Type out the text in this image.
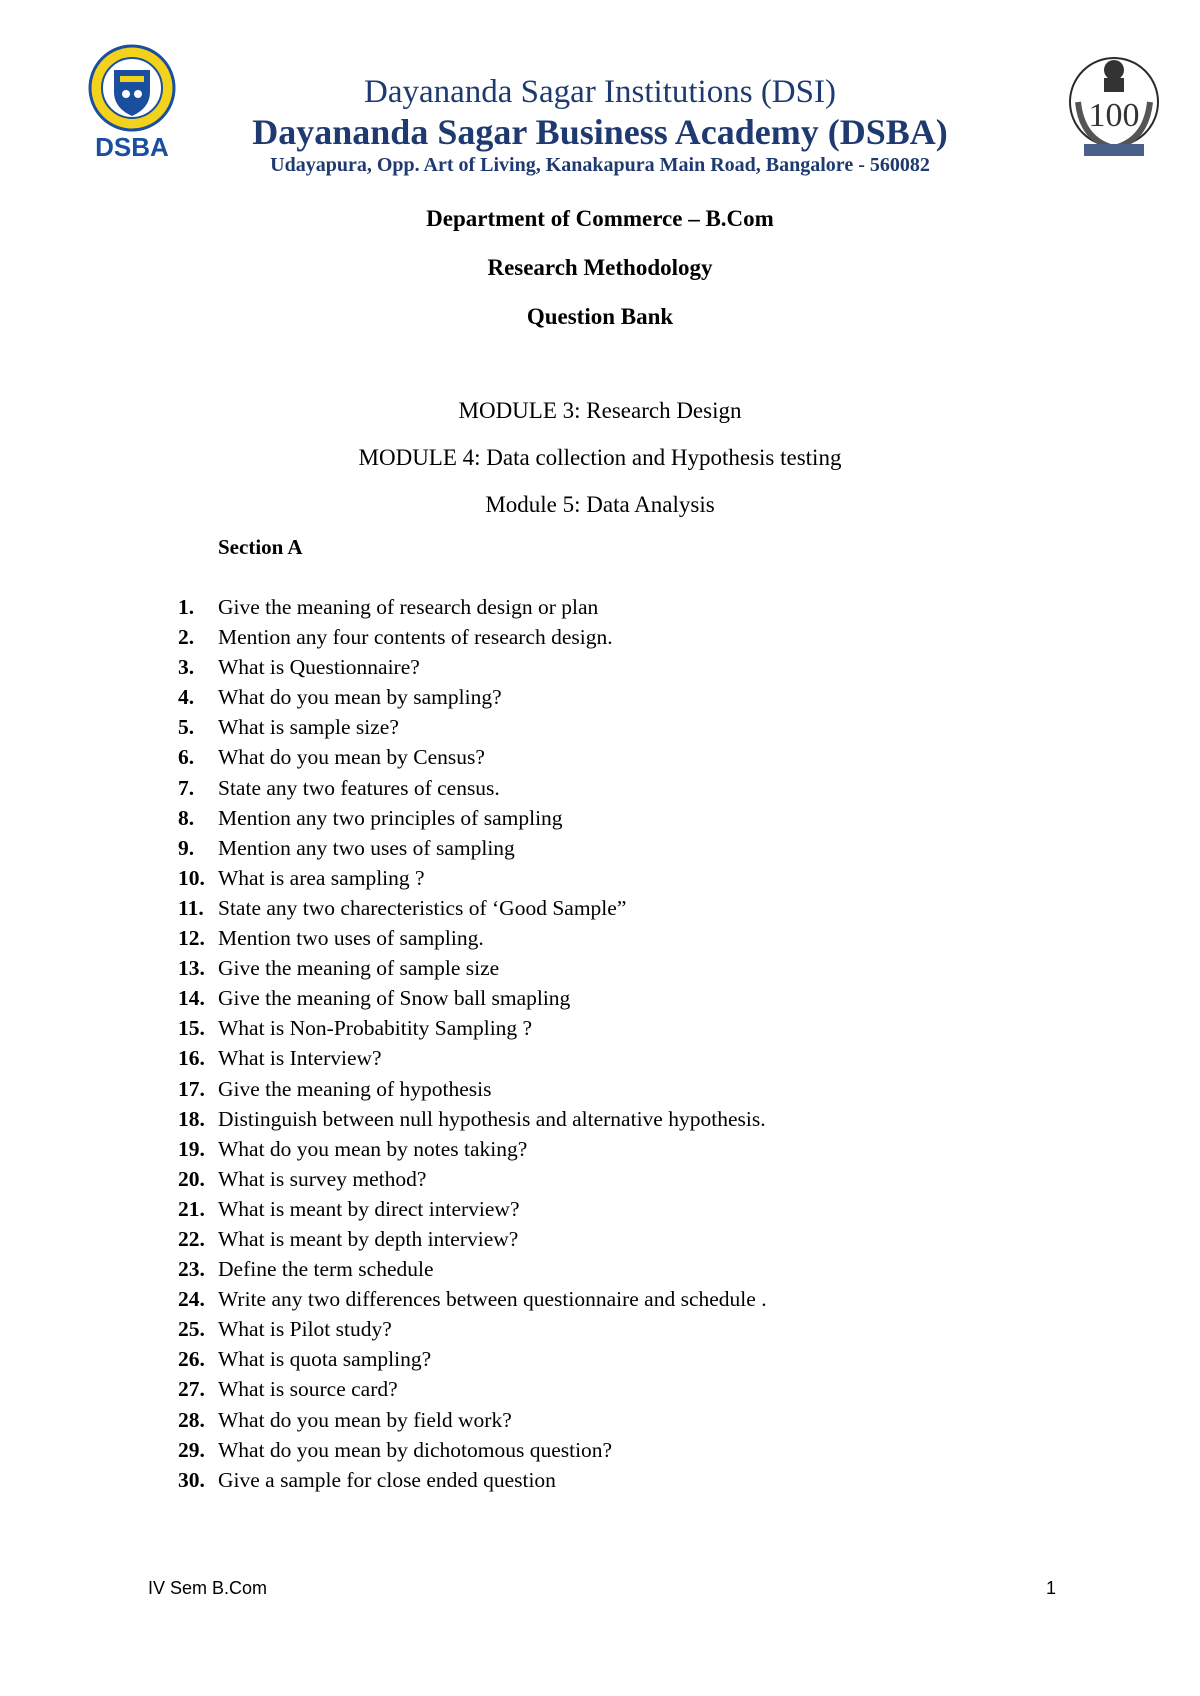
DSBA
100
Dayananda Sagar Institutions (DSI)
Dayananda Sagar Business Academy (DSBA)
Udayapura, Opp. Art of Living, Kanakapura Main Road, Bangalore - 560082
Department of Commerce – B.Com
Research Methodology
Question Bank
MODULE 3: Research Design
MODULE 4: Data collection and Hypothesis testing
Module 5: Data Analysis
Section A
1. Give the meaning of research design or plan
2. Mention any four contents of research design.
3. What is Questionnaire?
4. What do you mean by sampling?
5. What is sample size?
6. What do you mean by Census?
7. State any two features of census.
8. Mention any two principles of sampling
9. Mention any two uses of sampling
10. What is area sampling ?
11. State any two charecteristics of ‘Good Sample”
12. Mention two uses of sampling.
13. Give the meaning of sample size
14. Give the meaning of Snow ball smapling
15. What is Non-Probabitity Sampling ?
16. What is Interview?
17. Give the meaning of hypothesis
18. Distinguish between null hypothesis and alternative hypothesis.
19. What do you mean by notes taking?
20. What is survey method?
21. What is meant by direct interview?
22. What is meant by depth interview?
23. Define the term schedule
24. Write any two differences between questionnaire and schedule .
25. What is Pilot study?
26. What is quota sampling?
27. What is source card?
28. What do you mean by field work?
29. What do you mean by dichotomous question?
30. Give a sample for close ended question
IV Sem B.Com	1
